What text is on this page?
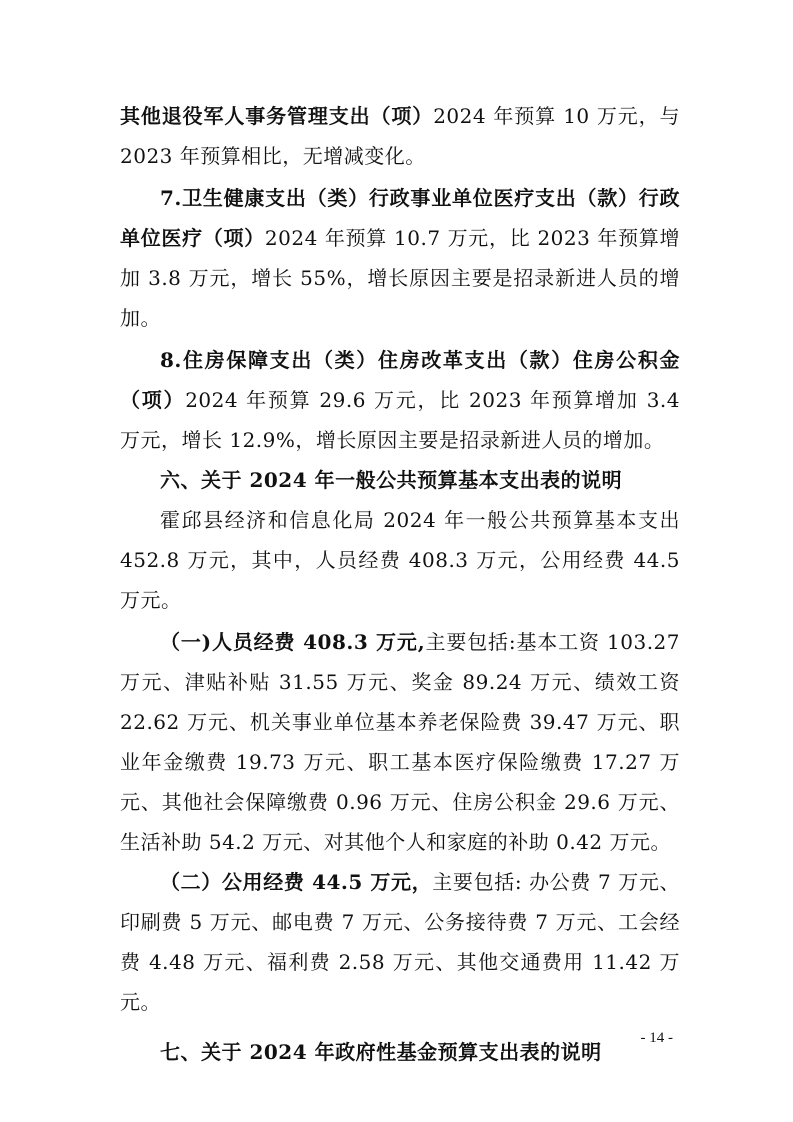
其他退役军人事务管理支出（项）2024 年预算 10 万元，与 2023 年预算相比，无增减变化。

7.卫生健康支出（类）行政事业单位医疗支出（款）行政单位医疗（项）2024 年预算 10.7 万元，比 2023 年预算增加 3.8 万元，增长 55%，增长原因主要是招录新进人员的增加。

8.住房保障支出（类）住房改革支出（款）住房公积金（项）2024 年预算 29.6 万元，比 2023 年预算增加 3.4 万元，增长 12.9%，增长原因主要是招录新进人员的增加。

六、关于 2024 年一般公共预算基本支出表的说明

霍邱县经济和信息化局 2024 年一般公共预算基本支出 452.8 万元，其中，人员经费 408.3 万元，公用经费 44.5 万元。

（一)人员经费 408.3 万元,主要包括:基本工资 103.27 万元、津贴补贴 31.55 万元、奖金 89.24 万元、绩效工资 22.62 万元、机关事业单位基本养老保险费 39.47 万元、职业年金缴费 19.73 万元、职工基本医疗保险缴费 17.27 万元、其他社会保障缴费 0.96 万元、住房公积金 29.6 万元、生活补助 54.2 万元、对其他个人和家庭的补助 0.42 万元。

（二）公用经费 44.5 万元，主要包括: 办公费 7 万元、印刷费 5 万元、邮电费 7 万元、公务接待费 7 万元、工会经费 4.48 万元、福利费 2.58 万元、其他交通费用 11.42 万元。

七、关于 2024 年政府性基金预算支出表的说明

- 14 -
